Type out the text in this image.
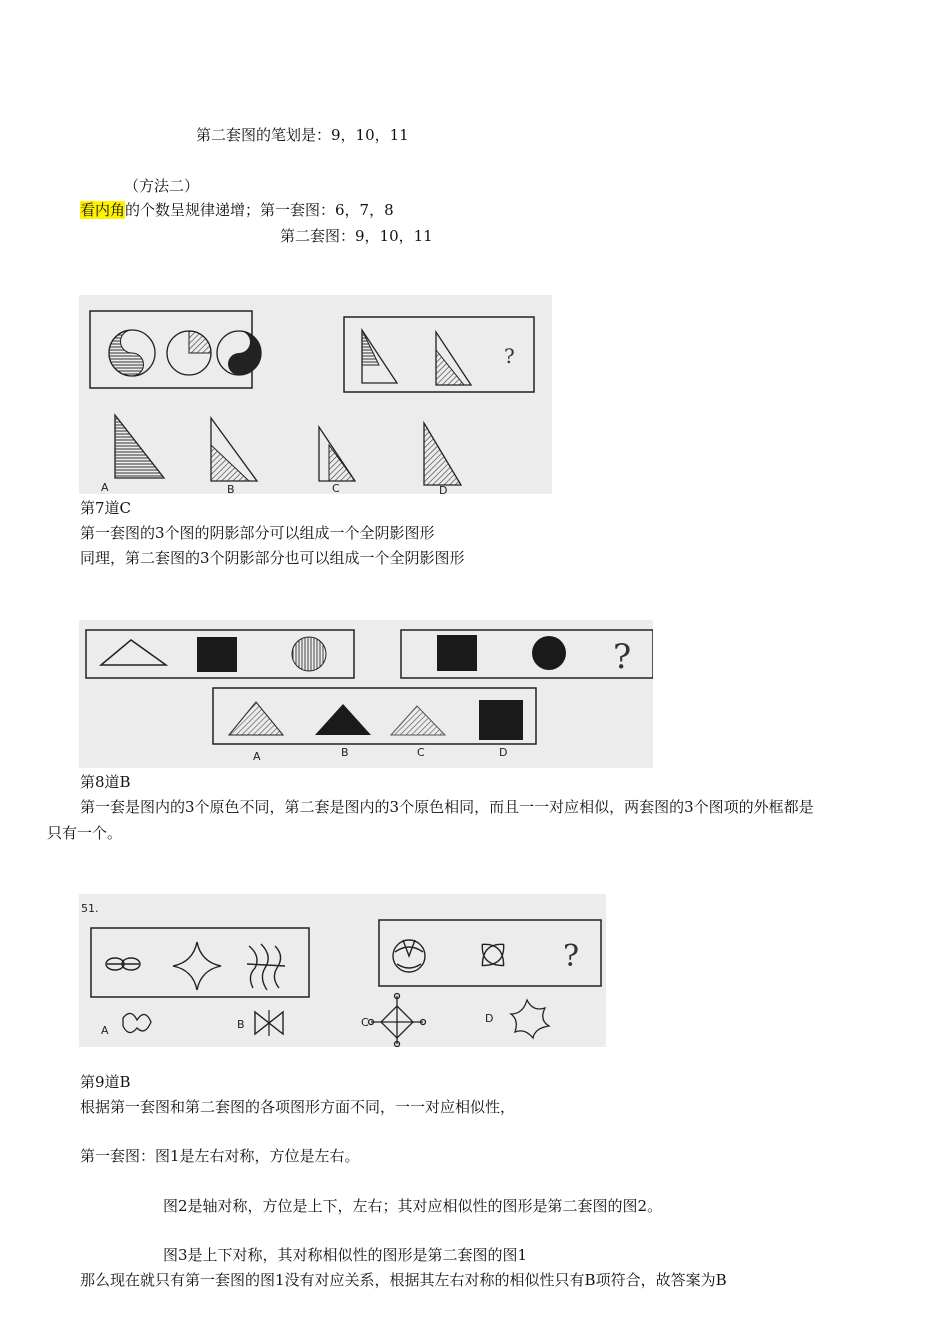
第二套图的笔划是：9，10，11
（方法二）
看内角的个数呈规律递增；第一套图：6，7，8
第二套图：9，10，11
?
A	B	C	D
第7道C
第一套图的3个图的阴影部分可以组成一个全阴影图形
同理，第二套图的3个阴影部分也可以组成一个全阴影图形
?
A	B	C	D
第8道B
第一套是图内的3个原色不同，第二套是图内的3个原色相同，而且一一对应相似，两套图的3个图项的外框都是
只有一个。
51.
?
A	B	C	D
第9道B
根据第一套图和第二套图的各项图形方面不同，一一对应相似性，
第一套图：图1是左右对称，方位是左右。
图2是轴对称，方位是上下，左右；其对应相似性的图形是第二套图的图2。
图3是上下对称，其对称相似性的图形是第二套图的图1
那么现在就只有第一套图的图1没有对应关系，根据其左右对称的相似性只有B项符合，故答案为B
